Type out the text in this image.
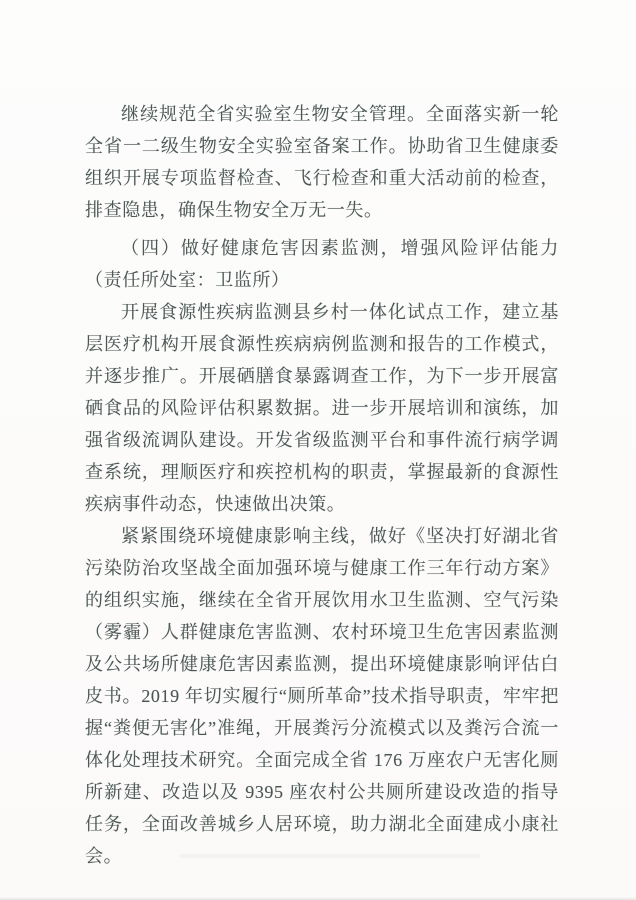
继续规范全省实验室生物安全管理。全面落实新一轮全省一二级生物安全实验室备案工作。协助省卫生健康委组织开展专项监督检查、飞行检查和重大活动前的检查，排查隐患，确保生物安全万无一失。

（四）做好健康危害因素监测，增强风险评估能力（责任所处室：卫监所）

开展食源性疾病监测县乡村一体化试点工作，建立基层医疗机构开展食源性疾病病例监测和报告的工作模式，并逐步推广。开展硒膳食暴露调查工作，为下一步开展富硒食品的风险评估积累数据。进一步开展培训和演练，加强省级流调队建设。开发省级监测平台和事件流行病学调查系统，理顺医疗和疾控机构的职责，掌握最新的食源性疾病事件动态，快速做出决策。

紧紧围绕环境健康影响主线，做好《坚决打好湖北省污染防治攻坚战全面加强环境与健康工作三年行动方案》的组织实施，继续在全省开展饮用水卫生监测、空气污染（雾霾）人群健康危害监测、农村环境卫生危害因素监测及公共场所健康危害因素监测，提出环境健康影响评估白皮书。2019 年切实履行“厕所革命”技术指导职责，牢牢把握“粪便无害化”准绳，开展粪污分流模式以及粪污合流一体化处理技术研究。全面完成全省 176 万座农户无害化厕所新建、改造以及 9395 座农村公共厕所建设改造的指导任务，全面改善城乡人居环境，助力湖北全面建成小康社会。
